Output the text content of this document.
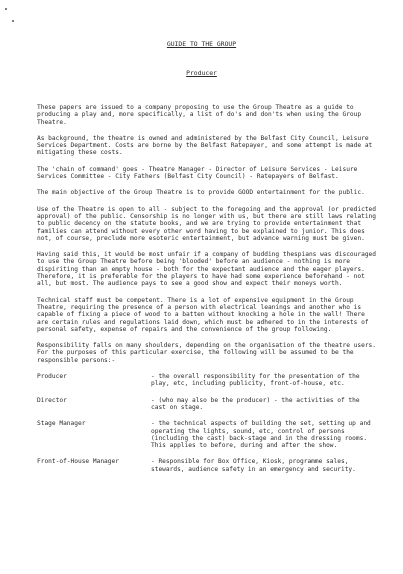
GUIDE TO THE GROUP
Producer

These papers are issued to a company proposing to use the Group Theatre as a guide to producing a play and, more specifically, a list of do's and don'ts when using the Group Theatre.

As background, the theatre is owned and administered by the Belfast City Council, Leisure Services Department. Costs are borne by the Belfast Ratepayer, and some attempt is made at mitigating these costs.

The 'chain of command' goes - Theatre Manager - Director of Leisure Services - Leisure Services Committee - City Fathers (Belfast City Council) - Ratepayers of Belfast.

The main objective of the Group Theatre is to provide GOOD entertainment for the public.

Use of the Theatre is open to all - subject to the foregoing and the approval (or predicted approval) of the public. Censorship is no longer with us, but there are still laws relating to public decency on the statute books, and we are trying to provide entertainment that families can attend without every other word having to be explained to junior. This does not, of course, preclude more esoteric entertainment, but advance warning must be given.

Having said this, it would be most unfair if a company of budding thespians was discouraged to use the Group Theatre before being 'blooded' before an audience - nothing is more dispiriting than an empty house - both for the expectant audience and the eager players. Therefore, it is preferable for the players to have had some experience beforehand - not all, but most. The audience pays to see a good show and expect their moneys worth.

Technical staff must be competent. There is a lot of expensive equipment in the Group Theatre, requiring the presence of a person with electrical leanings and another who is capable of fixing a piece of wood to a batten without knocking a hole in the wall! There are certain rules and regulations laid down, which must be adhered to in the interests of personal safety, expense of repairs and the convenience of the group following.

Responsibility falls on many shoulders, depending on the organisation of the theatre users. For the purposes of this particular exercise, the following will be assumed to be the responsible persons:-

Producer	- the overall responsibility for the presentation of the play, etc, including publicity, front-of-house, etc.
Director	- (who may also be the producer) - the activities of the cast on stage.
Stage Manager	- the technical aspects of building the set, setting up and operating the lights, sound, etc, control of persons (including the cast) back-stage and in the dressing rooms. This applies to before, during and after the show.
Front-of-House Manager	- Responsible for Box Office, Kiosk, programme sales, stewards, audience safety in an emergency and security.
